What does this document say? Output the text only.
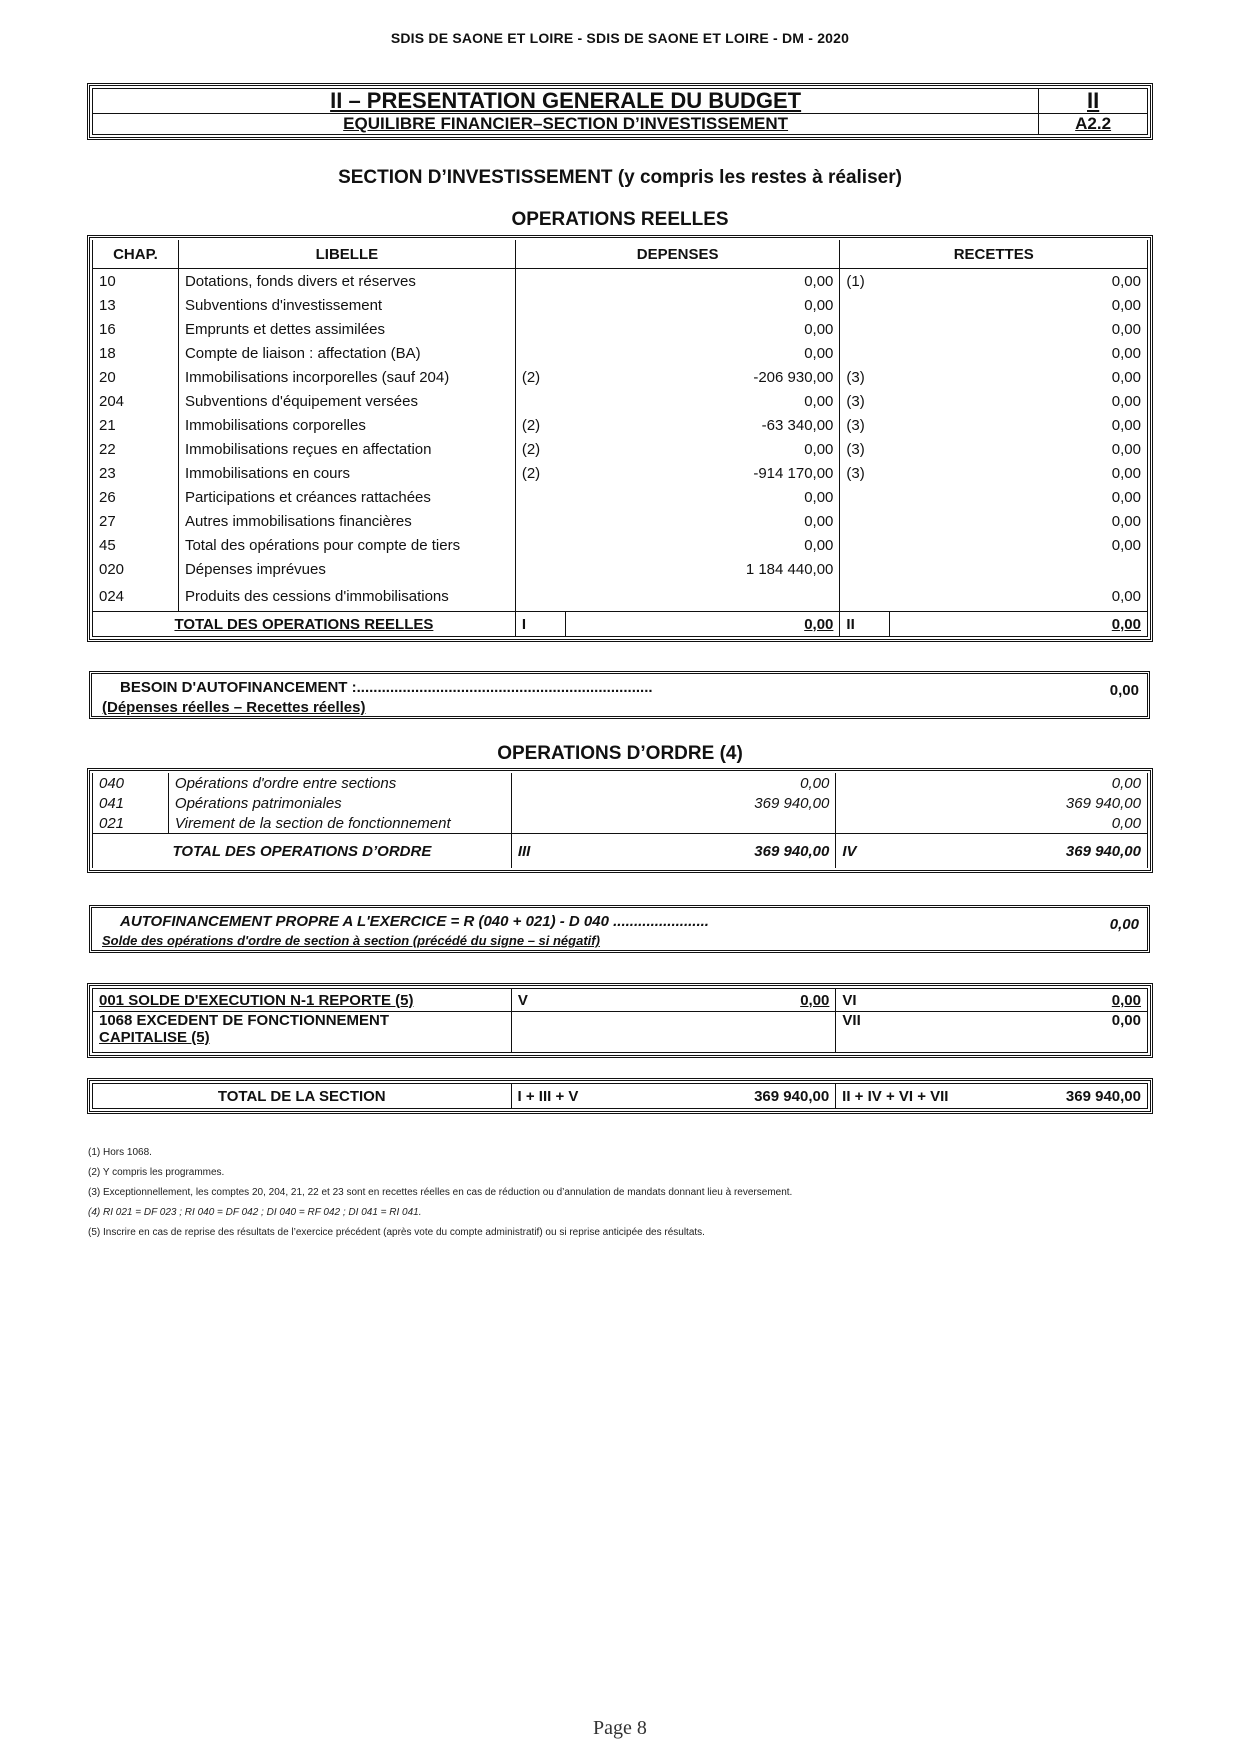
SDIS DE SAONE ET LOIRE - SDIS DE SAONE ET LOIRE - DM - 2020
II – PRESENTATION GENERALE DU BUDGET	II
EQUILIBRE FINANCIER–SECTION D’INVESTISSEMENT	A2.2
SECTION D’INVESTISSEMENT (y compris les restes à réaliser)
OPERATIONS REELLES
CHAP.	LIBELLE	DEPENSES		RECETTES	
10	Dotations, fonds divers et réserves		0,00	(1)	0,00
13	Subventions d'investissement		0,00		0,00
16	Emprunts et dettes assimilées		0,00		0,00
18	Compte de liaison : affectation (BA)		0,00		0,00
20	Immobilisations incorporelles (sauf 204)	(2)	-206 930,00	(3)	0,00
204	Subventions d'équipement versées		0,00	(3)	0,00
21	Immobilisations corporelles	(2)	-63 340,00	(3)	0,00
22	Immobilisations reçues en affectation	(2)	0,00	(3)	0,00
23	Immobilisations en cours	(2)	-914 170,00	(3)	0,00
26	Participations et créances rattachées		0,00		0,00
27	Autres immobilisations financières		0,00		0,00
45	Total des opérations pour compte de tiers		0,00		0,00
020	Dépenses imprévues		1 184 440,00		
024	Produits des cessions d'immobilisations				0,00
TOTAL DES OPERATIONS REELLES		I	0,00	II	0,00
BESOIN D'AUTOFINANCEMENT :.......................................................................
(Dépenses réelles – Recettes réelles)
0,00
OPERATIONS D’ORDRE (4)
040	Opérations d'ordre entre sections		0,00		0,00
041	Opérations patrimoniales		369 940,00		369 940,00
021	Virement de la section de fonctionnement				0,00
TOTAL DES OPERATIONS D’ORDRE		III	369 940,00	IV	369 940,00
AUTOFINANCEMENT PROPRE A L'EXERCICE = R (040 + 021) - D 040 .......................
Solde des opérations d'ordre de section à section (précédé du signe – si négatif)
0,00
001 SOLDE D'EXECUTION N-1 REPORTE (5)	V	0,00	VI	0,00

1068 EXCEDENT DE FONCTIONNEMENT
CAPITALISE (5)			VII	0,00
TOTAL DE LA SECTION	I + III + V	369 940,00	II + IV + VI + VII	369 940,00
(1) Hors 1068.
(2) Y compris les programmes.
(3) Exceptionnellement, les comptes 20, 204, 21, 22 et 23 sont en recettes réelles en cas de réduction ou d’annulation de mandats donnant lieu à reversement.
(4) RI 021 = DF 023 ; RI 040 = DF 042 ; DI 040 = RF 042 ; DI 041 = RI 041.
(5) Inscrire en cas de reprise des résultats de l’exercice précédent (après vote du compte administratif) ou si reprise anticipée des résultats.
Page 8
